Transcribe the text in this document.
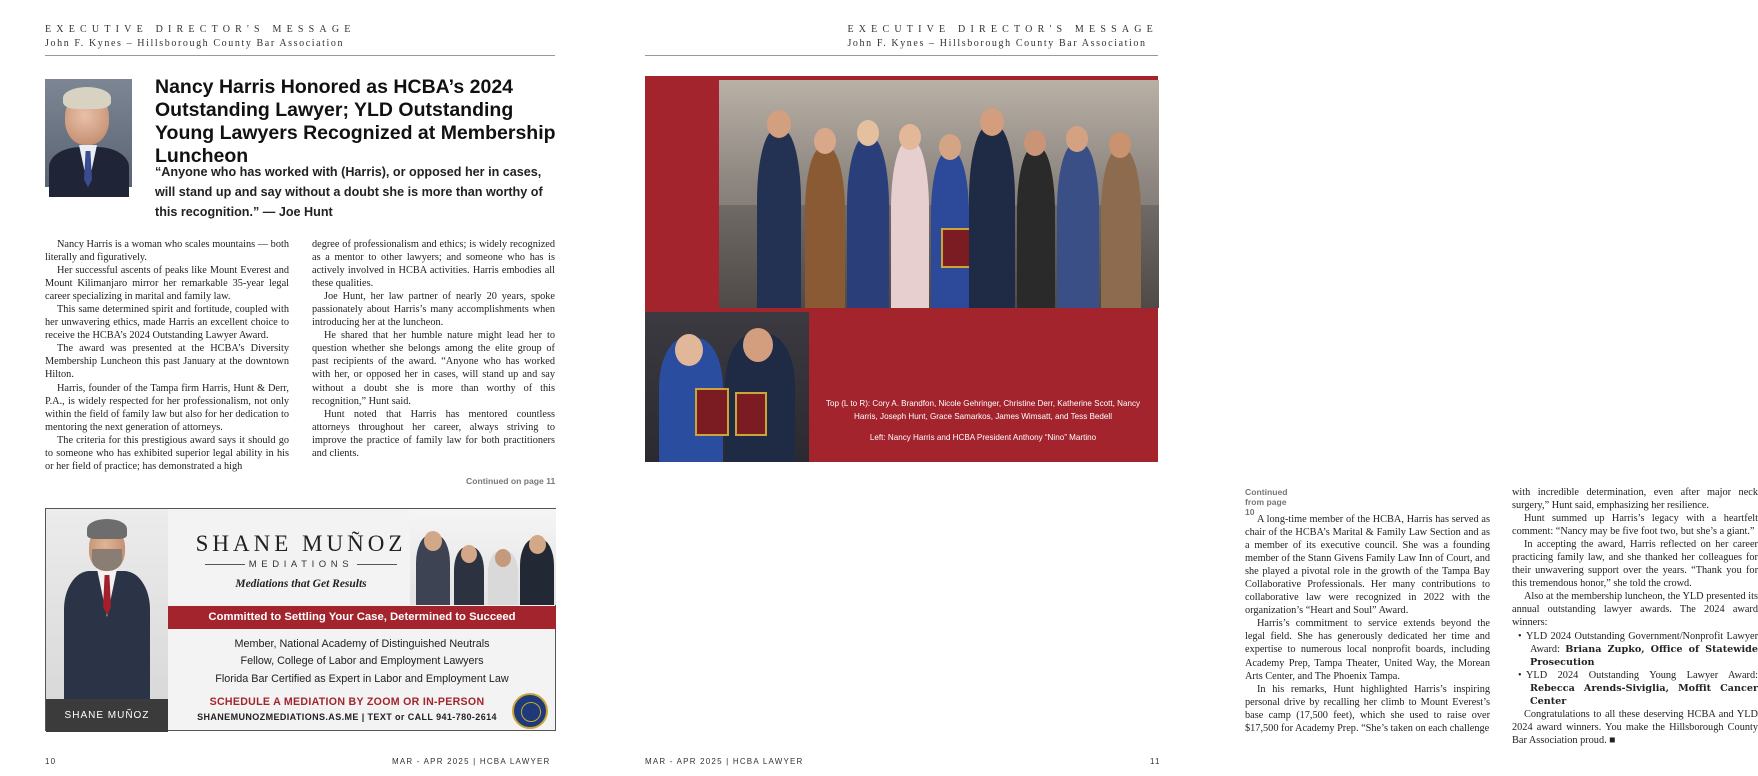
EXECUTIVE DIRECTOR'S MESSAGE
John F. Kynes – Hillsborough County Bar Association
Nancy Harris Honored as HCBA’s 2024 Outstanding Lawyer; YLD Outstanding Young Lawyers Recognized at Membership Luncheon
“Anyone who has worked with (Harris), or opposed her in cases, will stand up and say without a doubt she is more than worthy of this recognition.” — Joe Hunt

Nancy Harris is a woman who scales mountains — both literally and figuratively.

Her successful ascents of peaks like Mount Everest and Mount Kilimanjaro mirror her remarkable 35-year legal career specializing in marital and family law.

This same determined spirit and fortitude, coupled with her unwavering ethics, made Harris an excellent choice to receive the HCBA’s 2024 Outstanding Lawyer Award.

The award was presented at the HCBA’s Diversity Membership Luncheon this past January at the downtown Hilton.

Harris, founder of the Tampa firm Harris, Hunt & Derr, P.A., is widely respected for her professionalism, not only within the field of family law but also for her dedication to mentoring the next generation of attorneys.

The criteria for this prestigious award says it should go to someone who has exhibited superior legal ability in his or her field of practice; has demonstrated a high

degree of professionalism and ethics; is widely recognized as a mentor to other lawyers; and someone who has is actively involved in HCBA activities. Harris embodies all these qualities.

Joe Hunt, her law partner of nearly 20 years, spoke passionately about Harris’s many accomplishments when introducing her at the luncheon.

He shared that her humble nature might lead her to question whether she belongs among the elite group of past recipients of the award. “Anyone who has worked with her, or opposed her in cases, will stand up and say without a doubt she is more than worthy of this recognition,” Hunt said.

Hunt noted that Harris has mentored countless attorneys throughout her career, always striving to improve the practice of family law for both practitioners and clients.

Continued on page 11
SHANE MUÑOZ
SHANE MUÑOZ
MEDIATIONS
Mediations that Get Results
Committed to Settling Your Case, Determined to Succeed
Member, National Academy of Distinguished Neutrals
Fellow, College of Labor and Employment Lawyers
Florida Bar Certified as Expert in Labor and Employment Law
SCHEDULE A MEDIATION BY ZOOM OR IN-PERSON
SHANEMUNOZMEDIATIONS.AS.ME | TEXT or CALL 941-780-2614
10	MAR - APR 2025 | HCBA LAWYER
EXECUTIVE DIRECTOR'S MESSAGE
John F. Kynes – Hillsborough County Bar Association
Top (L to R): Cory A. Brandfon, Nicole Gehringer, Christine Derr, Katherine Scott, Nancy Harris, Joseph Hunt, Grace Samarkos, James Wimsatt, and Tess Bedell
Left: Nancy Harris and HCBA President Anthony “Nino” Martino
Continued from page 10

A long-time member of the HCBA, Harris has served as chair of the HCBA’s Marital & Family Law Section and as a member of its executive council. She was a founding member of the Stann Givens Family Law Inn of Court, and she played a pivotal role in the growth of the Tampa Bay Collaborative Professionals. Her many contributions to collaborative law were recognized in 2022 with the organization’s “Heart and Soul” Award.

Harris’s commitment to service extends beyond the legal field. She has generously dedicated her time and expertise to numerous local nonprofit boards, including Academy Prep, Tampa Theater, United Way, the Morean Arts Center, and The Phoenix Tampa.

In his remarks, Hunt highlighted Harris’s inspiring personal drive by recalling her climb to Mount Everest’s base camp (17,500 feet), which she used to raise over $17,500 for Academy Prep. “She’s taken on each challenge

with incredible determination, even after major neck surgery,” Hunt said, emphasizing her resilience.

Hunt summed up Harris’s legacy with a heartfelt comment: “Nancy may be five foot two, but she’s a giant.”

In accepting the award, Harris reflected on her career practicing family law, and she thanked her colleagues for their unwavering support over the years. “Thank you for this tremendous honor,” she told the crowd.

Also at the membership luncheon, the YLD presented its annual outstanding lawyer awards. The 2024 award winners:

• YLD 2024 Outstanding Government/Nonprofit Lawyer Award: Briana Zupko, Office of Statewide Prosecution
• YLD 2024 Outstanding Young Lawyer Award: Rebecca Arends-Siviglia, Moffit Cancer Center

Congratulations to all these deserving HCBA and YLD 2024 award winners. You make the Hillsborough County Bar Association proud. ■

MAR - APR 2025 | HCBA LAWYER	11
